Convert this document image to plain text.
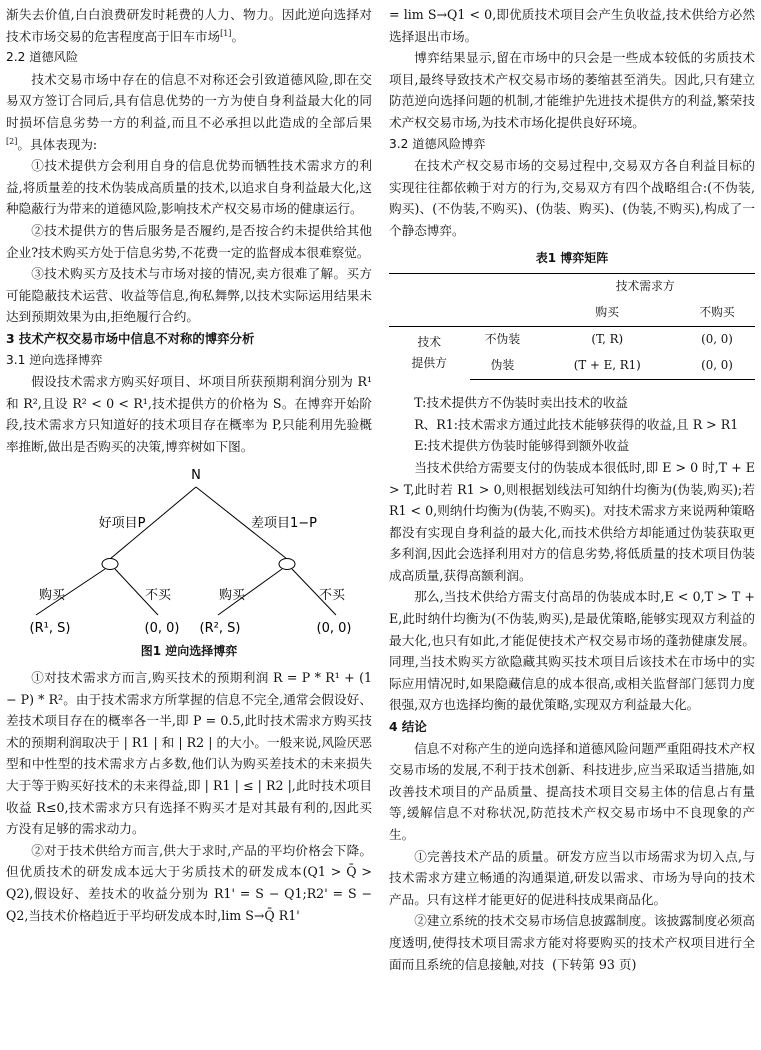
渐失去价值,白白浪费研发时耗费的人力、物力。因此逆向选择对技术市场交易的危害程度高于旧车市场[1]。

2.2 道德风险

技术交易市场中存在的信息不对称还会引致道德风险,即在交易双方签订合同后,具有信息优势的一方为使自身利益最大化的同时损坏信息劣势一方的利益,而且不必承担以此造成的全部后果[2]。具体表现为:

①技术提供方会利用自身的信息优势而牺牲技术需求方的利益,将质量差的技术伪装成高质量的技术,以追求自身利益最大化,这种隐蔽行为带来的道德风险,影响技术产权交易市场的健康运行。

②技术提供方的售后服务是否履约,是否按合约未提供给其他企业?技术购买方处于信息劣势,不花费一定的监督成本很难察觉。

③技术购买方及技术与市场对接的情况,卖方很难了解。买方可能隐蔽技术运营、收益等信息,徇私舞弊,以技术实际运用结果未达到预期效果为由,拒绝履行合约。

3 技术产权交易市场中信息不对称的博弈分析

3.1 逆向选择博弈

假设技术需求方购买好项目、坏项目所获预期利润分别为 R¹ 和 R²,且设 R² < 0 < R¹,技术提供方的价格为 S。在博弈开始阶段,技术需求方只知道好的技术项目存在概率为 P,只能利用先验概率推断,做出是否购买的决策,博弈树如下图。

N
好项目P	差项目1−P
购买	不买	购买	不买
(R¹, S)	(0, 0) (R², S)	(0, 0)

图1 逆向选择博弈

①对技术需求方而言,购买技术的预期利润 R = P * R¹ + (1 − P) * R²。由于技术需求方所掌握的信息不完全,通常会假设好、差技术项目存在的概率各一半,即 P = 0.5,此时技术需求方购买技术的预期利润取决于 | R1 | 和 | R2 | 的大小。一般来说,风险厌恶型和中性型的技术需求方占多数,他们认为购买差技术的未来损失大于等于购买好技术的未来得益,即 | R1 | ≤ | R2 |,此时技术项目收益 R≤0,技术需求方只有选择不购买才是对其最有利的,因此买方没有足够的需求动力。

②对于技术供给方而言,供大于求时,产品的平均价格会下降。但优质技术的研发成本远大于劣质技术的研发成本(Q1 > Q̄ > Q2),假设好、差技术的收益分别为 R1' = S − Q1;R2' = S − Q2,当技术价格趋近于平均研发成本时,lim S→Q̄ R1'

= lim S→Q1 < 0,即优质技术项目会产生负收益,技术供给方必然选择退出市场。

博弈结果显示,留在市场中的只会是一些成本较低的劣质技术项目,最终导致技术产权交易市场的萎缩甚至消失。因此,只有建立防范逆向选择问题的机制,才能维护先进技术提供方的利益,繁荣技术产权交易市场,为技术市场化提供良好环境。

3.2 道德风险博弈

在技术产权交易市场的交易过程中,交易双方各自利益目标的实现往往都依赖于对方的行为,交易双方有四个战略组合:(不伪装,购买)、(不伪装,不购买)、(伪装、购买)、(伪装,不购买),构成了一个静态博弈。

表1 博弈矩阵

		技术需求方	
		购买	不购买
技术
提供方	不伪装	(T, R)	(0, 0)
	伪装	(T + E, R1)	(0, 0)

T:技术提供方不伪装时卖出技术的收益

R、R1:技术需求方通过此技术能够获得的收益,且 R > R1

E:技术提供方伪装时能够得到额外收益

当技术供给方需要支付的伪装成本很低时,即 E > 0 时,T + E > T,此时若 R1 > 0,则根据划线法可知纳什均衡为(伪装,购买);若 R1 < 0,则纳什均衡为(伪装,不购买)。对技术需求方来说两种策略都没有实现自身利益的最大化,而技术供给方却能通过伪装获取更多利润,因此会选择利用对方的信息劣势,将低质量的技术项目伪装成高质量,获得高额利润。

那么,当技术供给方需支付高昂的伪装成本时,E < 0,T > T + E,此时纳什均衡为(不伪装,购买),是最优策略,能够实现双方利益的最大化,也只有如此,才能促使技术产权交易市场的蓬勃健康发展。同理,当技术购买方欲隐藏其购买技术项目后该技术在市场中的实际应用情况时,如果隐藏信息的成本很高,或相关监督部门惩罚力度很强,双方也选择均衡的最优策略,实现双方利益最大化。

4 结论

信息不对称产生的逆向选择和道德风险问题严重阻碍技术产权交易市场的发展,不利于技术创新、科技进步,应当采取适当措施,如改善技术项目的产品质量、提高技术项目交易主体的信息占有量等,缓解信息不对称状况,防范技术产权交易市场中不良现象的产生。

①完善技术产品的质量。研发方应当以市场需求为切入点,与技术需求方建立畅通的沟通渠道,研发以需求、市场为导向的技术产品。只有这样才能更好的促进科技成果商品化。

②建立系统的技术交易市场信息披露制度。该披露制度必须高度透明,使得技术项目需求方能对将要购买的技术产权项目进行全面而且系统的信息接触,对技 (下转第 93 页)
